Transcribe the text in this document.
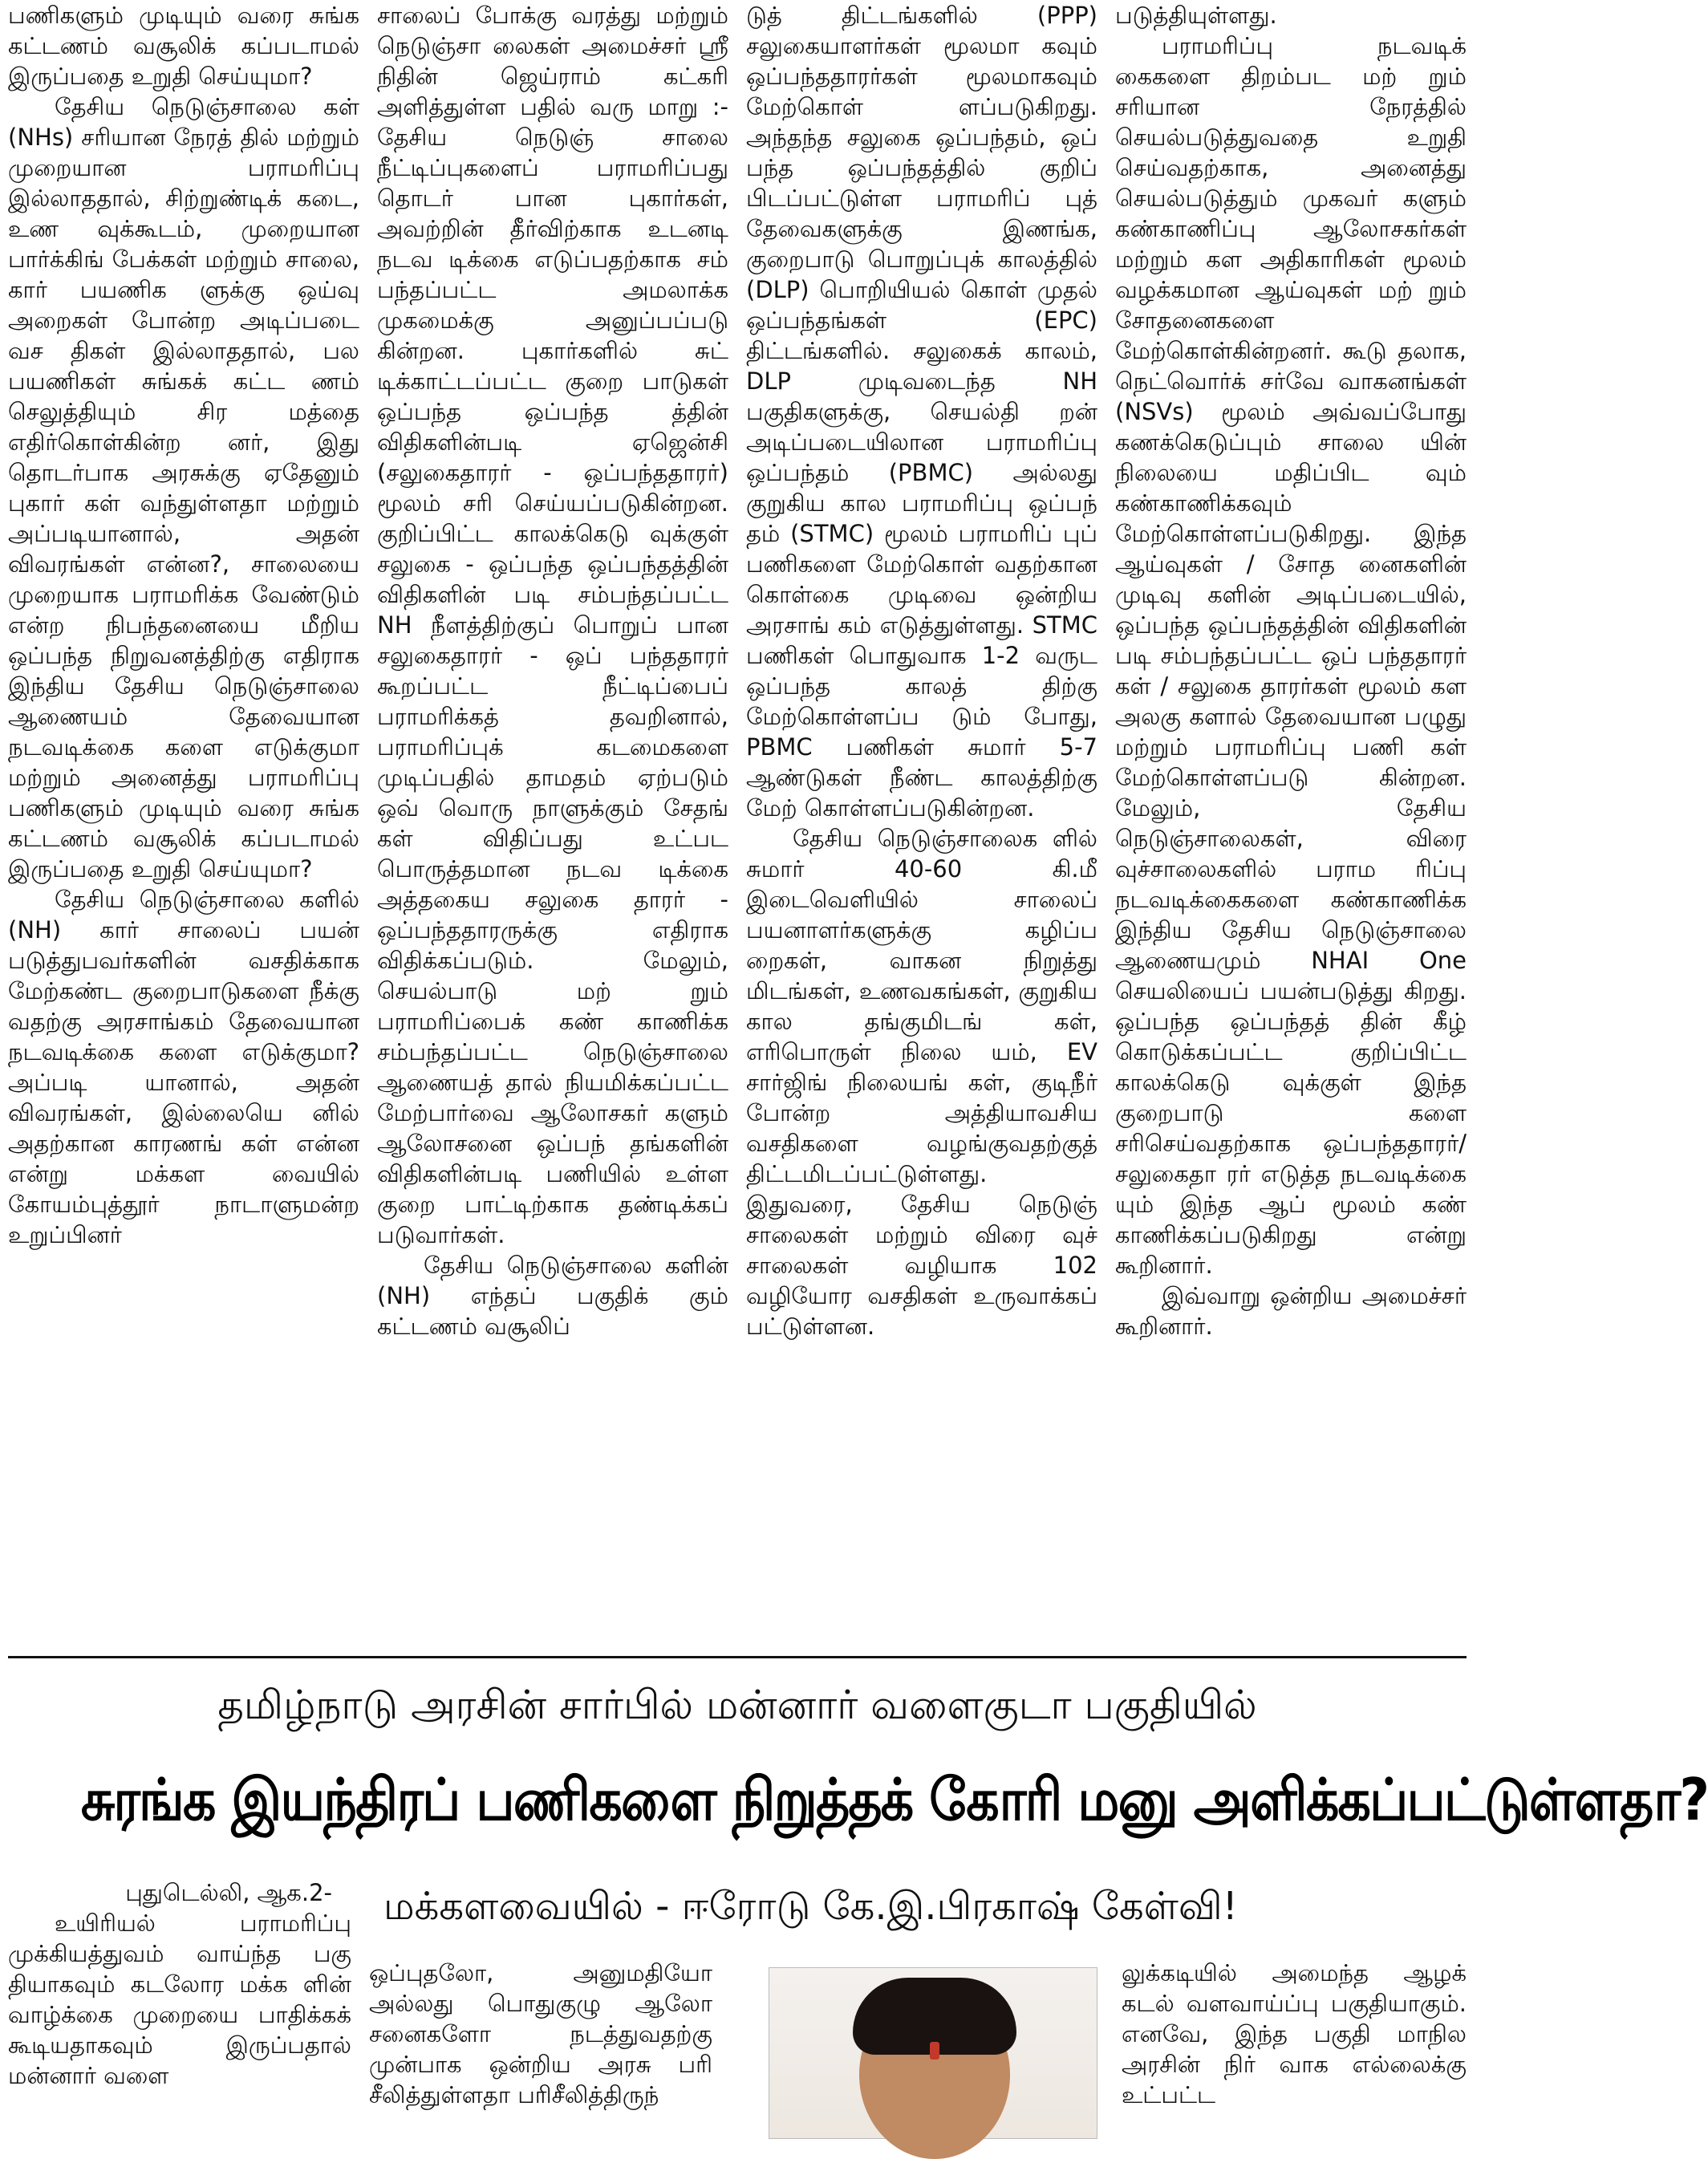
பணிகளும் முடியும் வரை சுங்க கட்டணம் வசூலிக் கப்படாமல் இருப்பதை உறுதி செய்யுமா?

தேசிய நெடுஞ்சாலை கள் (NHs) சரியான நேரத் தில் மற்றும் முறையான பராமரிப்பு இல்லாததால், சிற்றுண்டிக் கடை, உண வுக்கூடம், முறையான பார்க்கிங் பேக்கள் மற்றும் சாலை, கார் பயணிக ளுக்கு ஒய்வு அறைகள் போன்ற அடிப்படை வச திகள் இல்லாததால், பல பயணிகள் சுங்கக் கட்ட ணம் செலுத்தியும் சிர மத்தை எதிர்கொள்கின்ற னர், இது தொடர்பாக அரசுக்கு ஏதேனும் புகார் கள் வந்துள்ளதா மற்றும் அப்படியானால், அதன் விவரங்கள் என்ன?, சாலையை முறையாக பராமரிக்க வேண்டும் என்ற நிபந்தனையை மீறிய ஒப்பந்த நிறுவனத்திற்கு எதிராக இந்திய தேசிய நெடுஞ்சாலை ஆணையம் தேவையான நடவடிக்கை களை எடுக்குமா மற்றும் அனைத்து பராமரிப்பு பணிகளும் முடியும் வரை சுங்க கட்டணம் வசூலிக் கப்படாமல் இருப்பதை உறுதி செய்யுமா?

தேசிய நெடுஞ்சாலை களில் (NH) கார் சாலைப் பயன் படுத்துபவர்களின் வசதிக்காக மேற்கண்ட குறைபாடுகளை நீக்கு வதற்கு அரசாங்கம் தேவையான நடவடிக்கை களை எடுக்குமா? அப்படி யானால், அதன் விவரங்கள், இல்லையெ னில் அதற்கான காரணங் கள் என்ன என்று மக்கள வையில் கோயம்புத்தூர் நாடாளுமன்ற உறுப்பினர்

சாலைப் போக்கு வரத்து மற்றும் நெடுஞ்சா லைகள் அமைச்சர் ஸ்ரீ நிதின் ஜெய்ராம் கட்கரி அளித்துள்ள பதில் வரு மாறு :- தேசிய நெடுஞ் சாலை நீட்டிப்புகளைப் பராமரிப்பது தொடர் பான புகார்கள், அவற்றின் தீர்விற்காக உடனடி நடவ டிக்கை எடுப்பதற்காக சம் பந்தப்பட்ட அமலாக்க முகமைக்கு அனுப்பப்படு கின்றன. புகார்களில் சுட் டிக்காட்டப்பட்ட குறை பாடுகள் ஒப்பந்த ஒப்பந்த த்தின் விதிகளின்படி ஏஜென்சி (சலுகைதாரர் - ஒப்பந்ததாரர்) மூலம் சரி செய்யப்படுகின்றன. குறிப்பிட்ட காலக்கெடு வுக்குள் சலுகை - ஒப்பந்த ஒப்பந்தத்தின் விதிகளின் படி சம்பந்தப்பட்ட NH நீளத்திற்குப் பொறுப் பான சலுகைதாரர் - ஒப் பந்ததாரர் கூறப்பட்ட நீட்டிப்பைப் பராமரிக்கத் தவறினால், பராமரிப்புக் கடமைகளை முடிப்பதில் தாமதம் ஏற்படும் ஒவ் வொரு நாளுக்கும் சேதங் கள் விதிப்பது உட்பட பொருத்தமான நடவ டிக்கை அத்தகைய சலுகை தாரர் - ஒப்பந்ததாரருக்கு எதிராக விதிக்கப்படும். மேலும், செயல்பாடு மற் றும் பராமரிப்பைக் கண் காணிக்க சம்பந்தப்பட்ட நெடுஞ்சாலை ஆணையத் தால் நியமிக்கப்பட்ட மேற்பார்வை ஆலோசகர் களும் ஆலோசனை ஒப்பந் தங்களின் விதிகளின்படி பணியில் உள்ள குறை பாட்டிற்காக தண்டிக்கப் படுவார்கள்.

தேசிய நெடுஞ்சாலை களின் (NH) எந்தப் பகுதிக் கும் கட்டணம் வசூலிப்

டுத் திட்டங்களில் (PPP) சலுகையாளர்கள் மூலமா கவும் ஒப்பந்ததாரர்கள் மூலமாகவும் மேற்கொள் ளப்படுகிறது. அந்தந்த சலுகை ஒப்பந்தம், ஒப் பந்த ஒப்பந்தத்தில் குறிப் பிடப்பட்டுள்ள பராமரிப் புத் தேவைகளுக்கு இணங்க, குறைபாடு பொறுப்புக் காலத்தில் (DLP) பொறியியல் கொள் முதல் ஒப்பந்தங்கள் (EPC) திட்டங்களில். சலுகைக் காலம், DLP முடிவடைந்த NH பகுதிகளுக்கு, செயல்தி றன் அடிப்படையிலான பராமரிப்பு ஒப்பந்தம் (PBMC) அல்லது குறுகிய கால பராமரிப்பு ஒப்பந் தம் (STMC) மூலம் பராமரிப் புப் பணிகளை மேற்கொள் வதற்கான கொள்கை முடிவை ஒன்றிய அரசாங் கம் எடுத்துள்ளது. STMC பணிகள் பொதுவாக 1-2 வருட ஒப்பந்த காலத் திற்கு மேற்கொள்ளப்ப டும் போது, PBMC பணிகள் சுமார் 5-7 ஆண்டுகள் நீண்ட காலத்திற்கு மேற் கொள்ளப்படுகின்றன.

தேசிய நெடுஞ்சாலைக ளில் சுமார் 40-60 கி.மீ இடைவெளியில் சாலைப் பயனாளர்களுக்கு கழிப்ப றைகள், வாகன நிறுத்து மிடங்கள், உணவகங்கள், குறுகிய கால தங்குமிடங் கள், எரிபொருள் நிலை யம், EV சார்ஜிங் நிலையங் கள், குடிநீர் போன்ற அத்தியாவசிய வசதிகளை வழங்குவதற்குத் திட்டமிடப்பட்டுள்ளது. இதுவரை, தேசிய நெடுஞ் சாலைகள் மற்றும் விரை வுச் சாலைகள் வழியாக 102 வழியோர வசதிகள் உருவாக்கப் பட்டுள்ளன.

படுத்தியுள்ளது.

பராமரிப்பு நடவடிக் கைகளை திறம்பட மற் றும் சரியான நேரத்தில் செயல்படுத்துவதை உறுதி செய்வதற்காக, அனைத்து செயல்படுத்தும் முகவர் களும் கண்காணிப்பு ஆலோசகர்கள் மற்றும் கள அதிகாரிகள் மூலம் வழக்கமான ஆய்வுகள் மற் றும் சோதனைகளை மேற்கொள்கின்றனர். கூடு தலாக, நெட்வொர்க் சர்வே வாகனங்கள் (NSVs) மூலம் அவ்வப்போது கணக்கெடுப்பும் சாலை யின் நிலையை மதிப்பிட வும் கண்காணிக்கவும் மேற்கொள்ளப்படுகிறது. இந்த ஆய்வுகள் / சோத னைகளின் முடிவு களின் அடிப்படையில், ஒப்பந்த ஒப்பந்தத்தின் விதிகளின் படி சம்பந்தப்பட்ட ஒப் பந்ததாரர் கள் / சலுகை தாரர்கள் மூலம் கள அலகு களால் தேவையான பழுது மற்றும் பராமரிப்பு பணி கள் மேற்கொள்ளப்படு கின்றன. மேலும், தேசிய நெடுஞ்சாலைகள், விரை வுச்சாலைகளில் பராம ரிப்பு நடவடிக்கைகளை கண்காணிக்க இந்திய தேசிய நெடுஞ்சாலை ஆணையமும் NHAI One செயலியைப் பயன்படுத்து கிறது. ஒப்பந்த ஒப்பந்தத் தின் கீழ் கொடுக்கப்பட்ட குறிப்பிட்ட காலக்கெடு வுக்குள் இந்த குறைபாடு களை சரிசெய்வதற்காக ஒப்பந்ததாரர்/சலுகைதா ரர் எடுத்த நடவடிக்கை யும் இந்த ஆப் மூலம் கண் காணிக்கப்படுகிறது என்று கூறினார்.

இவ்வாறு ஒன்றிய அமைச்சர் கூறினார்.

தமிழ்நாடு அரசின் சார்பில் மன்னார் வளைகுடா பகுதியில்
சுரங்க இயந்திரப் பணிகளை நிறுத்தக் கோரி மனு அளிக்கப்பட்டுள்ளதா?

புதுடெல்லி, ஆக.2-

உயிரியல் பராமரிப்பு முக்கியத்துவம் வாய்ந்த பகு தியாகவும் கடலோர மக்க ளின் வாழ்க்கை முறையை பாதிக்கக் கூடியதாகவும் இருப்பதால் மன்னார் வளை

மக்களவையில் - ஈரோடு கே.இ.பிரகாஷ் கேள்வி!

ஒப்புதலோ, அனுமதியோ அல்லது பொதுகுழு ஆலோ சனைகளோ நடத்துவதற்கு முன்பாக ஒன்றிய அரசு பரி சீலித்துள்ளதா பரிசீலித்திருந்

லுக்கடியில் அமைந்த ஆழக் கடல் வளவாய்ப்பு பகுதியாகும். எனவே, இந்த பகுதி மாநில அரசின் நிர் வாக எல்லைக்கு உட்பட்ட
